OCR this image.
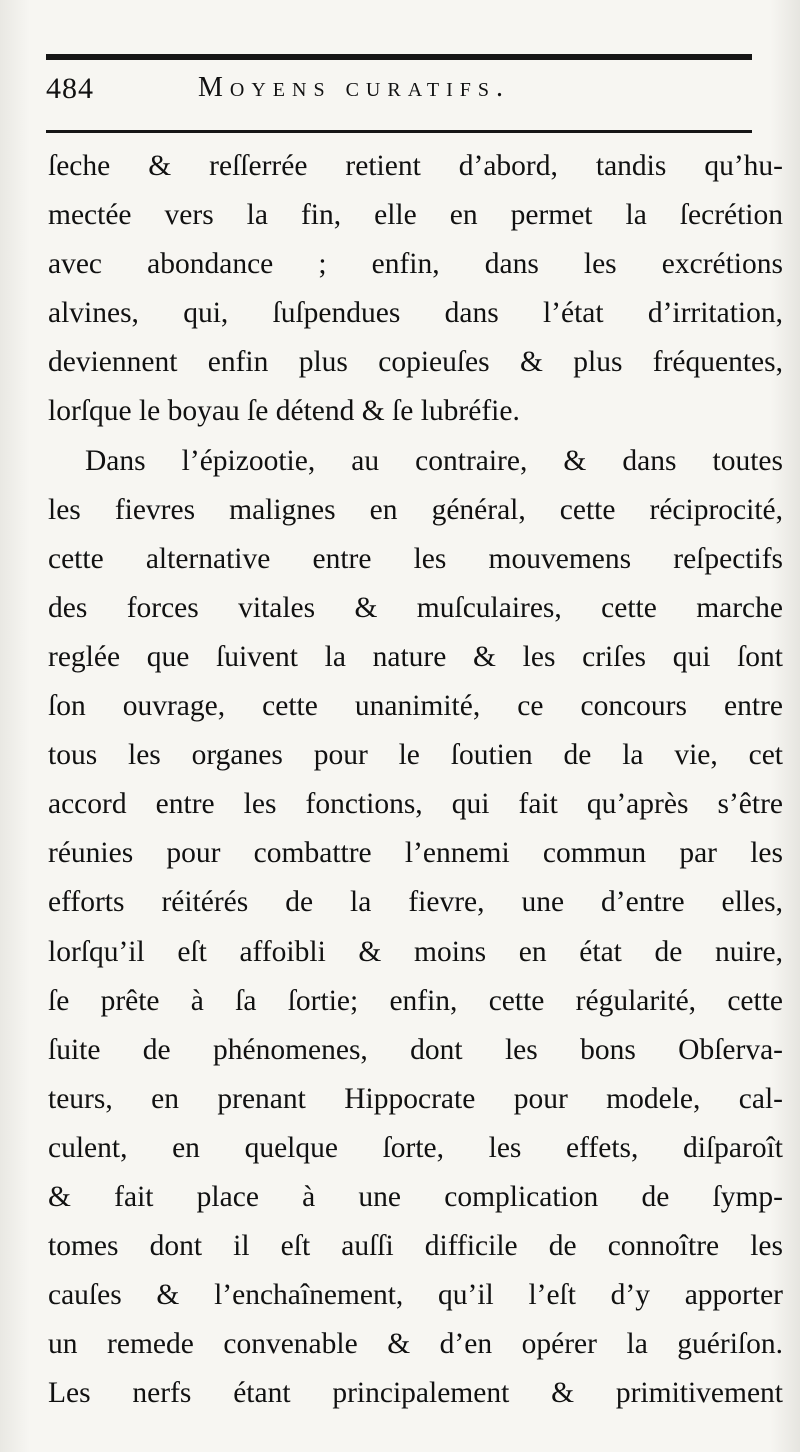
484	Moyens curatifs.
ſeche & reſſerrée retient d’abord, tandis qu’hu-
mectée vers la fin, elle en permet la ſecrétion
avec abondance ; enfin, dans les excrétions
alvines, qui, ſuſpendues dans l’état d’irritation,
deviennent enfin plus copieuſes & plus fréquentes,
lorſque le boyau ſe détend & ſe lubréfie.
Dans l’épizootie, au contraire, & dans toutes
les fievres malignes en général, cette réciprocité,
cette alternative entre les mouvemens reſpectifs
des forces vitales & muſculaires, cette marche
reglée que ſuivent la nature & les criſes qui ſont
ſon ouvrage, cette unanimité, ce concours entre
tous les organes pour le ſoutien de la vie, cet
accord entre les fonctions, qui fait qu’après s’être
réunies pour combattre l’ennemi commun par les
efforts réitérés de la fievre, une d’entre elles,
lorſqu’il eſt affoibli & moins en état de nuire,
ſe prête à ſa ſortie; enfin, cette régularité, cette
ſuite de phénomenes, dont les bons Obſerva-
teurs, en prenant Hippocrate pour modele, cal-
culent, en quelque ſorte, les effets, diſparoît
& fait place à une complication de ſymp-
tomes dont il eſt auſſi difficile de connoître les
cauſes & l’enchaînement, qu’il l’eſt d’y apporter
un remede convenable & d’en opérer la guériſon.
Les nerfs étant principalement & primitivement
